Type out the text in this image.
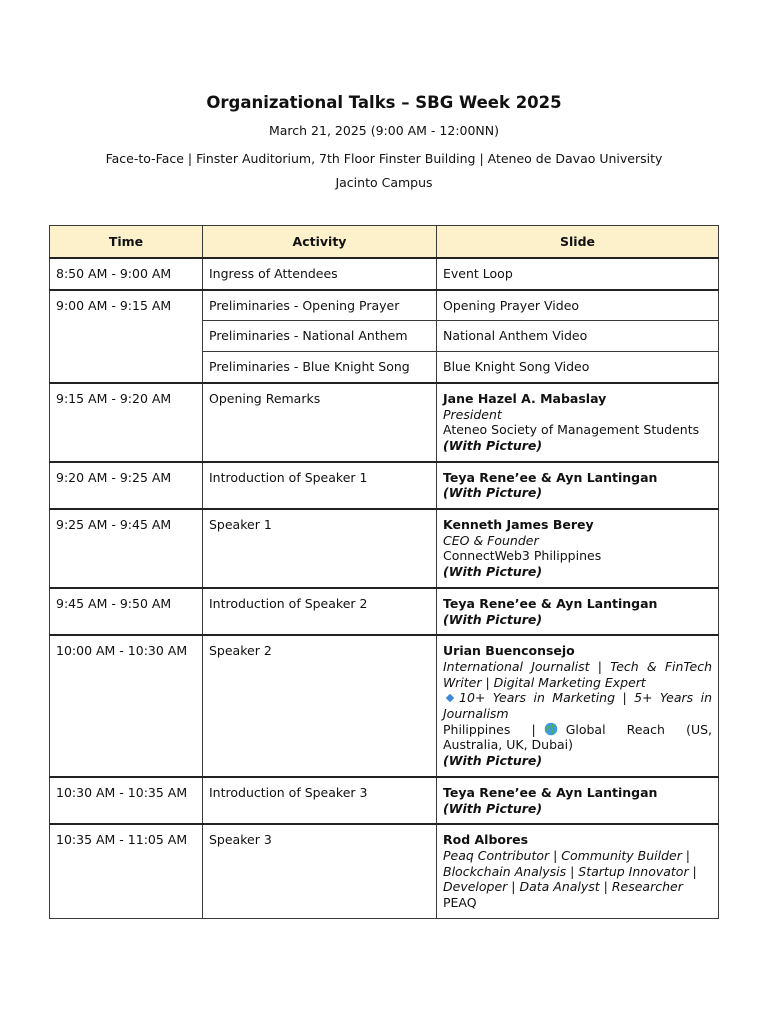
Organizational Talks – SBG Week 2025
March 21, 2025 (9:00 AM - 12:00NN)
Face-to-Face | Finster Auditorium, 7th Floor Finster Building | Ateneo de Davao University Jacinto Campus
Time	Activity	Slide
8:50 AM - 9:00 AM	Ingress of Attendees	Event Loop
9:00 AM - 9:15 AM	Preliminaries - Opening Prayer	Opening Prayer Video
	Preliminaries - National Anthem	National Anthem Video
	Preliminaries - Blue Knight Song	Blue Knight Song Video
9:15 AM - 9:20 AM	Opening Remarks	Jane Hazel A. Mabaslay
President
Ateneo Society of Management Students
(With Picture)

9:20 AM - 9:25 AM	Introduction of Speaker 1	Teya Rene’ee & Ayn Lantingan
(With Picture)

9:25 AM - 9:45 AM	Speaker 1	Kenneth James Berey
CEO & Founder
ConnectWeb3 Philippines
(With Picture)

9:45 AM - 9:50 AM	Introduction of Speaker 2	Teya Rene’ee & Ayn Lantingan
(With Picture)

10:00 AM - 10:30 AM	Speaker 2	Urian Buenconsejo
International Journalist | Tech & FinTech Writer | Digital Marketing Expert
10+ Years in Marketing | 5+ Years in Journalism
Philippines | Global Reach (US, Australia, UK, Dubai)
(With Picture)

10:30 AM - 10:35 AM	Introduction of Speaker 3	Teya Rene’ee & Ayn Lantingan
(With Picture)

10:35 AM - 11:05 AM	Speaker 3	Rod Albores
Peaq Contributor | Community Builder | Blockchain Analysis | Startup Innovator | Developer | Data Analyst | Researcher
PEAQ
